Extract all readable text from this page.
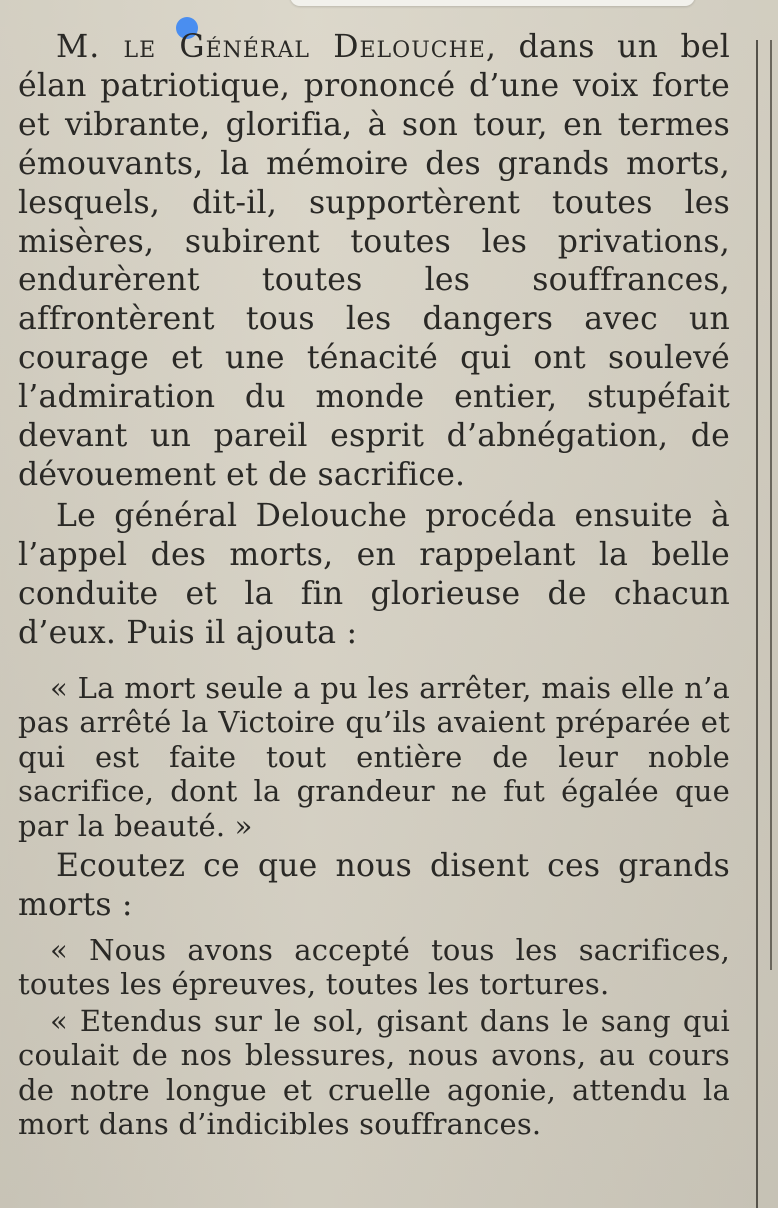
M. le Général Delouche, dans un bel élan patriotique, prononcé d’une voix forte et vibrante, glorifia, à son tour, en termes émouvants, la mémoire des grands morts, lesquels, dit-il, supportèrent toutes les misères, subirent toutes les privations, endurèrent toutes les souffrances, affrontèrent tous les dangers avec un courage et une ténacité qui ont soulevé l’admiration du monde entier, stupéfait devant un pareil esprit d’abnégation, de dévouement et de sacrifice.

Le général Delouche procéda ensuite à l’appel des morts, en rappelant la belle conduite et la fin glorieuse de chacun d’eux. Puis il ajouta :

« La mort seule a pu les arrêter, mais elle n’a pas arrêté la Victoire qu’ils avaient préparée et qui est faite tout entière de leur noble sacrifice, dont la grandeur ne fut égalée que par la beauté. »

Ecoutez ce que nous disent ces grands morts :

« Nous avons accepté tous les sacrifices, toutes les épreuves, toutes les tortures.

« Etendus sur le sol, gisant dans le sang qui coulait de nos blessures, nous avons, au cours de notre longue et cruelle agonie, attendu la mort dans d’indicibles souffrances.
